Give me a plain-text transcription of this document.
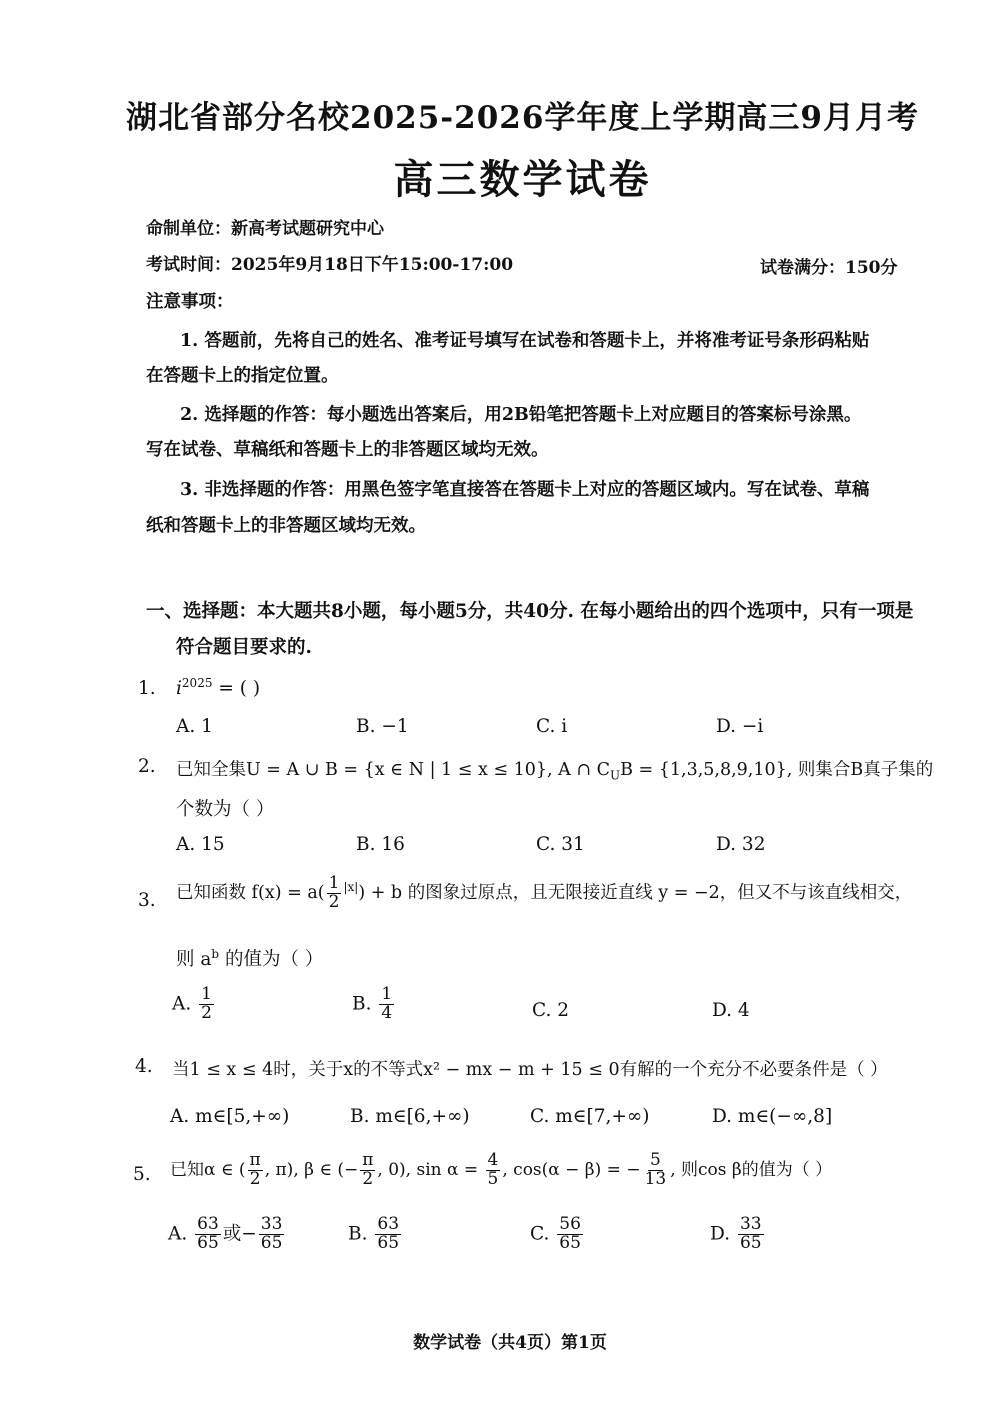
湖北省部分名校2025-2026学年度上学期高三9月月考
高三数学试卷
命制单位：新高考试题研究中心
考试时间：2025年9月18日下午15:00-17:00	试卷满分：150分
注意事项：
1. 答题前，先将自己的姓名、准考证号填写在试卷和答题卡上，并将准考证号条形码粘贴
在答题卡上的指定位置。
2. 选择题的作答：每小题选出答案后，用2B铅笔把答题卡上对应题目的答案标号涂黑。
写在试卷、草稿纸和答题卡上的非答题区域均无效。
3. 非选择题的作答：用黑色签字笔直接答在答题卡上对应的答题区域内。写在试卷、草稿
纸和答题卡上的非答题区域均无效。
一、选择题：本大题共8小题，每小题5分，共40分. 在每小题给出的四个选项中，只有一项是
符合题目要求的.
1. $i^{2025}$ = ( )
A. 1	B. −1	C. i	D. −i
2. 已知全集U = A ∪ B = {x ∈ N | 1 ≤ x ≤ 10}, A ∩ $C_UB = \{1,3,5,8,9,10\}$, 则集合B真子集的
个数为（ ）
A. 15	B. 16	C. 31	D. 32
3. 已知函数 $f(x) = a( \frac{1}{2} ^{|x|}) + b$ 的图象过原点，且无限接近直线 y = −2，但又不与该直线相交，
则 $a^b$ 的值为（ ）
A. $\frac{1}{2}$	B. $\frac{1}{4}$	C. 2	D. 4
4. 当1 ≤ x ≤ 4时，关于x的不等式x² − mx − m + 15 ≤ 0有解的一个充分不必要条件是（ ）
A. m∈[5,+∞)	B. m∈[6,+∞)	C. m∈[7,+∞)	D. m∈(−∞,8]
5. 已知α ∈ ( $\frac{\pi}{2}$ , π), β ∈ (− $\frac{\pi}{2}$ , 0), $\sin \alpha = \frac{4}{5}$ , cos(α − β) = − $\frac{5}{13}$ , 则cos β的值为（ ）
A. $\frac{63}{65}$ 或− $\frac{33}{65}$	B. $\frac{63}{65}$	C. $\frac{56}{65}$	D. $\frac{33}{65}$
数学试卷（共4页）第1页
